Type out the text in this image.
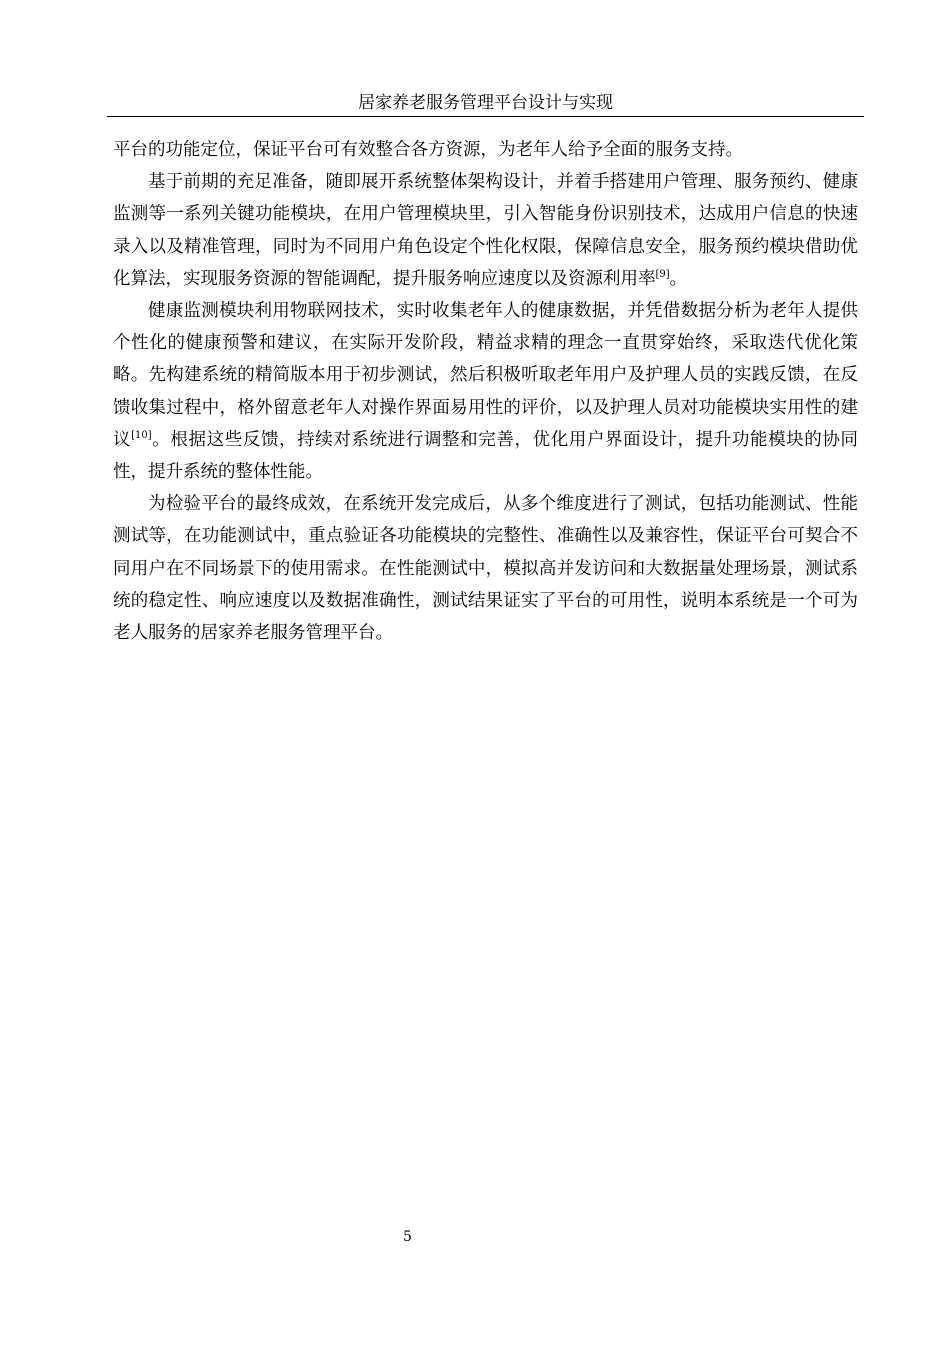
居家养老服务管理平台设计与实现

平台的功能定位，保证平台可有效整合各方资源，为老年人给予全面的服务支持。

基于前期的充足准备，随即展开系统整体架构设计，并着手搭建用户管理、服务预约、健康监测等一系列关键功能模块，在用户管理模块里，引入智能身份识别技术，达成用户信息的快速录入以及精准管理，同时为不同用户角色设定个性化权限，保障信息安全，服务预约模块借助优化算法，实现服务资源的智能调配，提升服务响应速度以及资源利用率[9]。

健康监测模块利用物联网技术，实时收集老年人的健康数据，并凭借数据分析为老年人提供个性化的健康预警和建议，在实际开发阶段，精益求精的理念一直贯穿始终，采取迭代优化策略。先构建系统的精简版本用于初步测试，然后积极听取老年用户及护理人员的实践反馈，在反馈收集过程中，格外留意老年人对操作界面易用性的评价，以及护理人员对功能模块实用性的建议[10]。根据这些反馈，持续对系统进行调整和完善，优化用户界面设计，提升功能模块的协同性，提升系统的整体性能。

为检验平台的最终成效，在系统开发完成后，从多个维度进行了测试，包括功能测试、性能测试等，在功能测试中，重点验证各功能模块的完整性、准确性以及兼容性，保证平台可契合不同用户在不同场景下的使用需求。在性能测试中，模拟高并发访问和大数据量处理场景，测试系统的稳定性、响应速度以及数据准确性，测试结果证实了平台的可用性，说明本系统是一个可为老人服务的居家养老服务管理平台。

5
